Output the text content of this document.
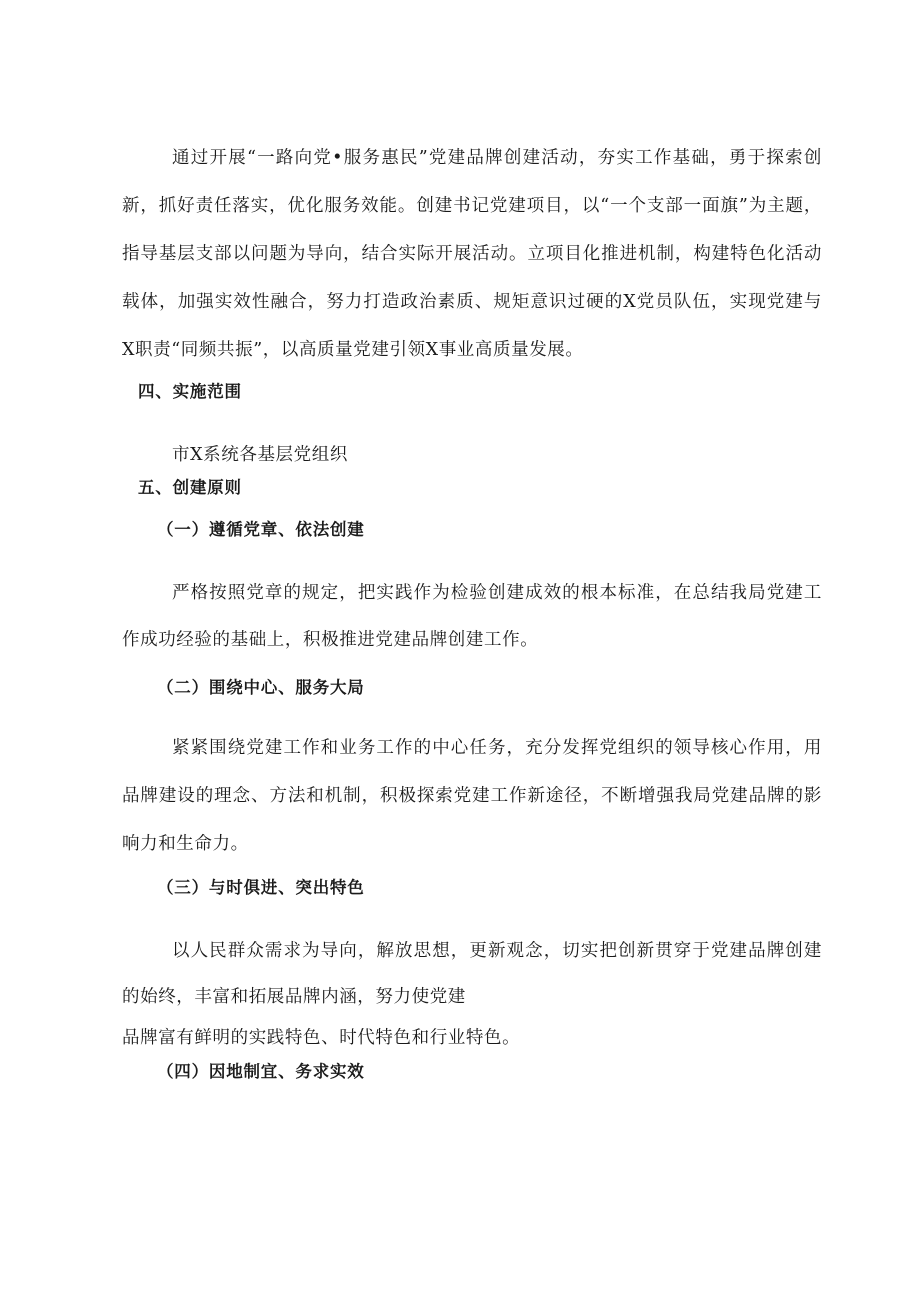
通过开展“一路向党•服务惠民”党建品牌创建活动，夯实工作基础，勇于探索创
新，抓好责任落实，优化服务效能。创建书记党建项目，以“一个支部一面旗”为主题，
指导基层支部以问题为导向，结合实际开展活动。立项目化推进机制，构建特色化活动
载体，加强实效性融合，努力打造政治素质、规矩意识过硬的X党员队伍，实现党建与
X职责“同频共振”，以高质量党建引领X事业高质量发展。
四、实施范围
市X系统各基层党组织
五、创建原则
（一）遵循党章、依法创建
严格按照党章的规定，把实践作为检验创建成效的根本标准，在总结我局党建工
作成功经验的基础上，积极推进党建品牌创建工作。
（二）围绕中心、服务大局
紧紧围绕党建工作和业务工作的中心任务，充分发挥党组织的领导核心作用，用
品牌建设的理念、方法和机制，积极探索党建工作新途径，不断增强我局党建品牌的影
响力和生命力。
（三）与时俱进、突出特色
以人民群众需求为导向，解放思想，更新观念，切实把创新贯穿于党建品牌创建
的始终，丰富和拓展品牌内涵，努力使党建
品牌富有鲜明的实践特色、时代特色和行业特色。
（四）因地制宜、务求实效
